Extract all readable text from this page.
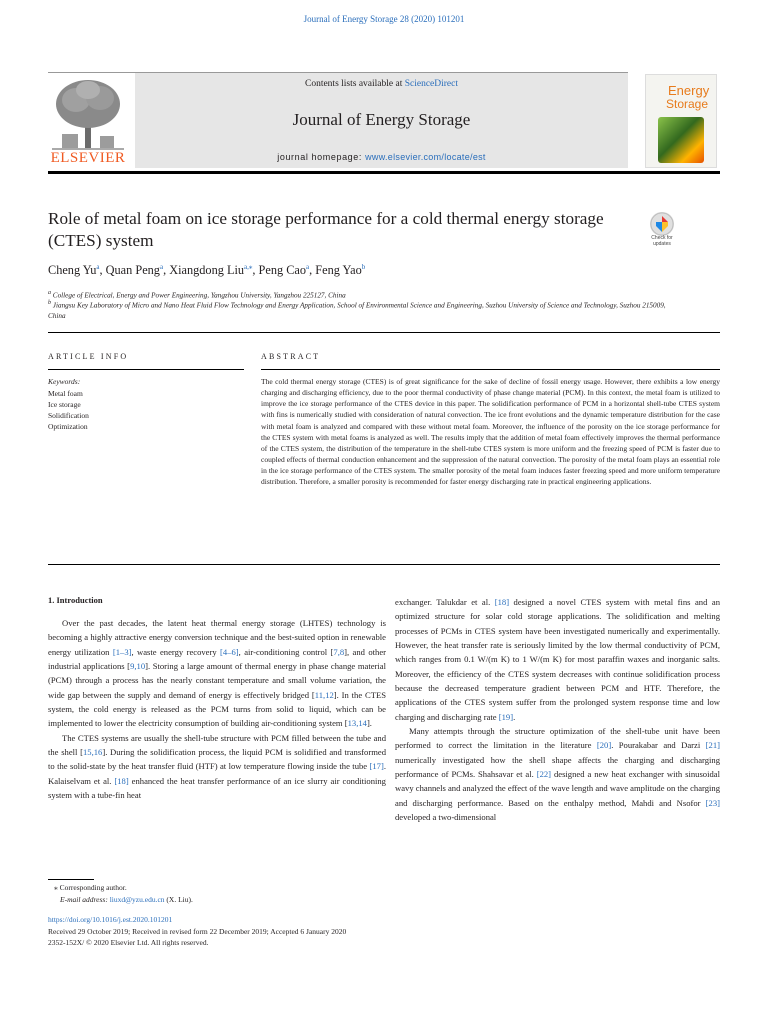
Journal of Energy Storage 28 (2020) 101201
ELSEVIER
Contents lists available at ScienceDirect
Journal of Energy Storage
journal homepage: www.elsevier.com/locate/est
Energy
Storage
Role of metal foam on ice storage performance for a cold thermal energy storage (CTES) system	Check for updates
Cheng Yu$^a$, Quan Peng$^a$, Xiangdong Liu$^{a,⁎}$, Peng Cao$^a$, Feng Yao$^b$
$^a$ College of Electrical, Energy and Power Engineering, Yangzhou University, Yangzhou 225127, China
$^b$ Jiangsu Key Laboratory of Micro and Nano Heat Fluid Flow Technology and Energy Application, School of Environmental Science and Engineering, Suzhou University of Science and Technology, Suzhou 215009, China
ARTICLE INFO	ABSTRACT
Keywords:
Metal foam
Ice storage
Solidification
Optimization
The cold thermal energy storage (CTES) is of great significance for the sake of decline of fossil energy usage. However, there exhibits a low energy charging and discharging efficiency, due to the poor thermal conductivity of phase change material (PCM). In this context, the metal foam is utilized to improve the ice storage performance of the CTES device in this paper. The solidification performance of PCM in a horizontal shell-tube CTES system with fins is numerically studied with consideration of natural convection. The ice front evolutions and the dynamic temperature distribution for the case with metal foam is analyzed and compared with these without metal foam. Moreover, the influence of the porosity on the ice storage performance for the CTES system with metal foams is analyzed as well. The results imply that the addition of metal foam effectively improves the thermal performance of the CTES system, the distribution of the temperature in the shell-tube CTES system is more uniform and the freezing speed of PCM is faster due to coupled effects of thermal conduction enhancement and the suppression of the natural convection. The porosity of the metal foam plays an essential role in the ice storage performance of the CTES system. The smaller porosity of the metal foam induces faster freezing speed and more uniform temperature distribution. Therefore, a smaller porosity is recommended for faster energy discharging rate in practical engineering applications.
1. Introduction

Over the past decades, the latent heat thermal energy storage (LHTES) technology is becoming a highly attractive energy conversion technique and the best-suited option in renewable energy utilization [1–3], waste energy recovery [4–6], air-conditioning control [7,8], and other industrial applications [9,10]. Storing a large amount of thermal energy in phase change material (PCM) through a process has the nearly constant temperature and small volume variation, the wide gap between the supply and demand of energy is effectively bridged [11,12]. In the CTES system, the cold energy is released as the PCM turns from solid to liquid, which can be implemented to lower the electricity consumption of building air-conditioning system [13,14].

The CTES systems are usually the shell-tube structure with PCM filled between the tube and the shell [15,16]. During the solidification process, the liquid PCM is solidified and transformed to the solid-state by the heat transfer fluid (HTF) at low temperature flowing inside the tube [17]. Kalaiselvam et al. [18] enhanced the heat transfer performance of an ice slurry air conditioning system with a tube-fin heat

exchanger. Talukdar et al. [18] designed a novel CTES system with metal fins and an optimized structure for solar cold storage applications. The solidification and melting processes of PCMs in CTES system have been investigated numerically and experimentally. However, the heat transfer rate is seriously limited by the low thermal conductivity of PCM, which ranges from 0.1 W/(m K) to 1 W/(m K) for most paraffin waxes and inorganic salts. Moreover, the efficiency of the CTES system decreases with continue solidification process because the decreased temperature gradient between PCM and HTF. Therefore, the applications of the CTES system suffer from the prolonged system response time and low charging and discharging rate [19].

Many attempts through the structure optimization of the shell-tube unit have been performed to correct the limitation in the literature [20]. Pourakabar and Darzi [21] numerically investigated how the shell shape affects the charging and discharging performance of PCMs. Shahsavar et al. [22] designed a new heat exchanger with sinusoidal wavy channels and analyzed the effect of the wave length and wave amplitude on the charging and discharging performance. Based on the enthalpy method, Mahdi and Nsofor [23] developed a two-dimensional

⁎ Corresponding author.
E-mail address: liuxd@yzu.edu.cn (X. Liu).
https://doi.org/10.1016/j.est.2020.101201
Received 29 October 2019; Received in revised form 22 December 2019; Accepted 6 January 2020
2352-152X/ © 2020 Elsevier Ltd. All rights reserved.
